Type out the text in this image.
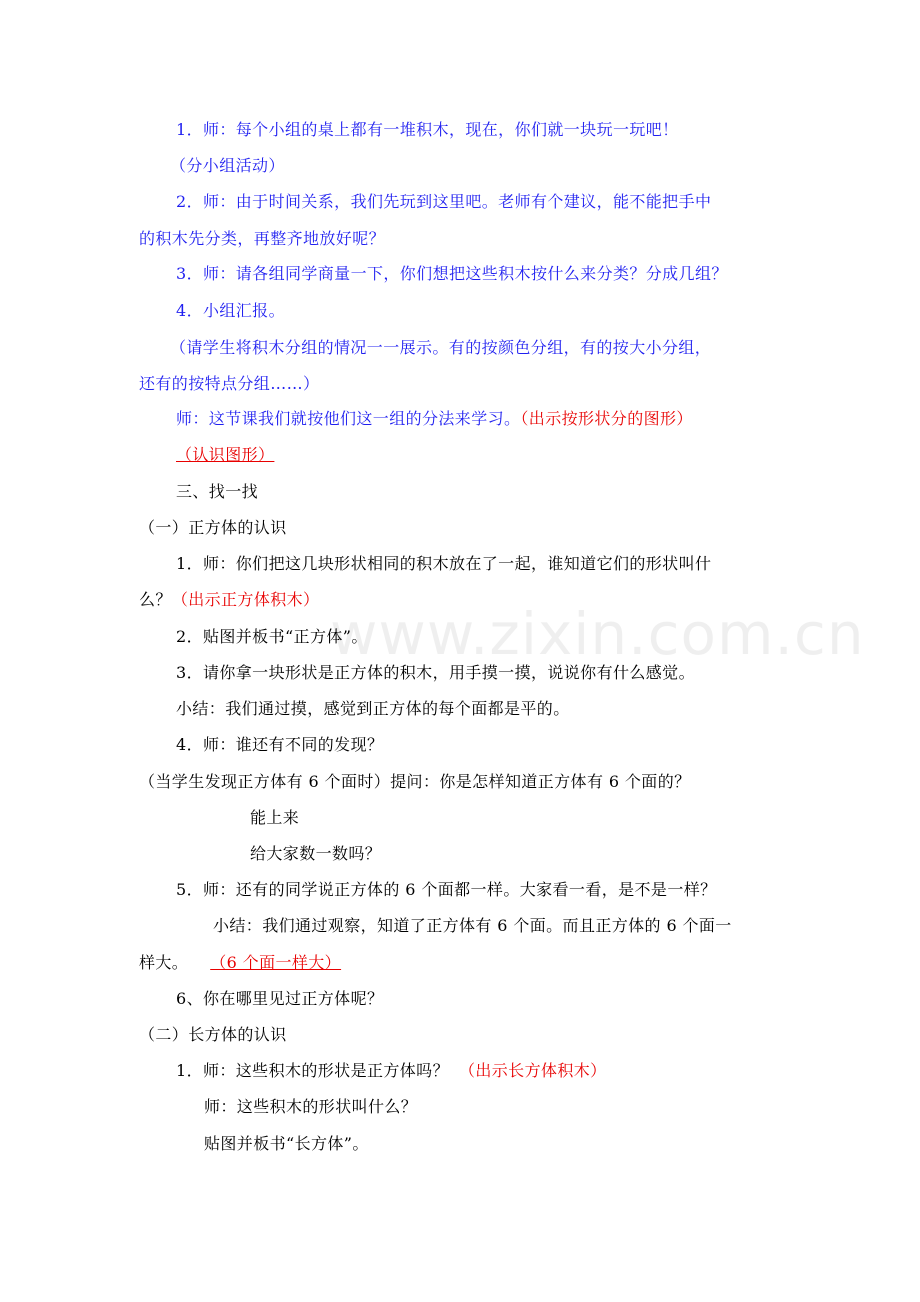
www.zixin.com.cn
1．师：每个小组的桌上都有一堆积木，现在，你们就一块玩一玩吧！
（分小组活动）
2．师：由于时间关系，我们先玩到这里吧。老师有个建议，能不能把手中
的积木先分类，再整齐地放好呢？
3．师：请各组同学商量一下，你们想把这些积木按什么来分类？分成几组？
4．小组汇报。
（请学生将积木分组的情况一一展示。有的按颜色分组，有的按大小分组，
还有的按特点分组……）
师：这节课我们就按他们这一组的分法来学习。（出示按形状分的图形）
（认识图形）
三、找一找
（一）正方体的认识
1．师：你们把这几块形状相同的积木放在了一起，谁知道它们的形状叫什
么？（出示正方体积木）
2．贴图并板书“正方体”。
3．请你拿一块形状是正方体的积木，用手摸一摸，说说你有什么感觉。
小结：我们通过摸，感觉到正方体的每个面都是平的。
4．师：谁还有不同的发现？
（当学生发现正方体有 6 个面时）提问：你是怎样知道正方体有 6 个面的？
能上来
给大家数一数吗？
5．师：还有的同学说正方体的 6 个面都一样。大家看一看，是不是一样？
小结：我们通过观察，知道了正方体有 6 个面。而且正方体的 6 个面一
样大。 （6 个面一样大）
6、你在哪里见过正方体呢？
（二）长方体的认识
1．师：这些积木的形状是正方体吗？ （出示长方体积木）
师：这些积木的形状叫什么？
贴图并板书“长方体”。
